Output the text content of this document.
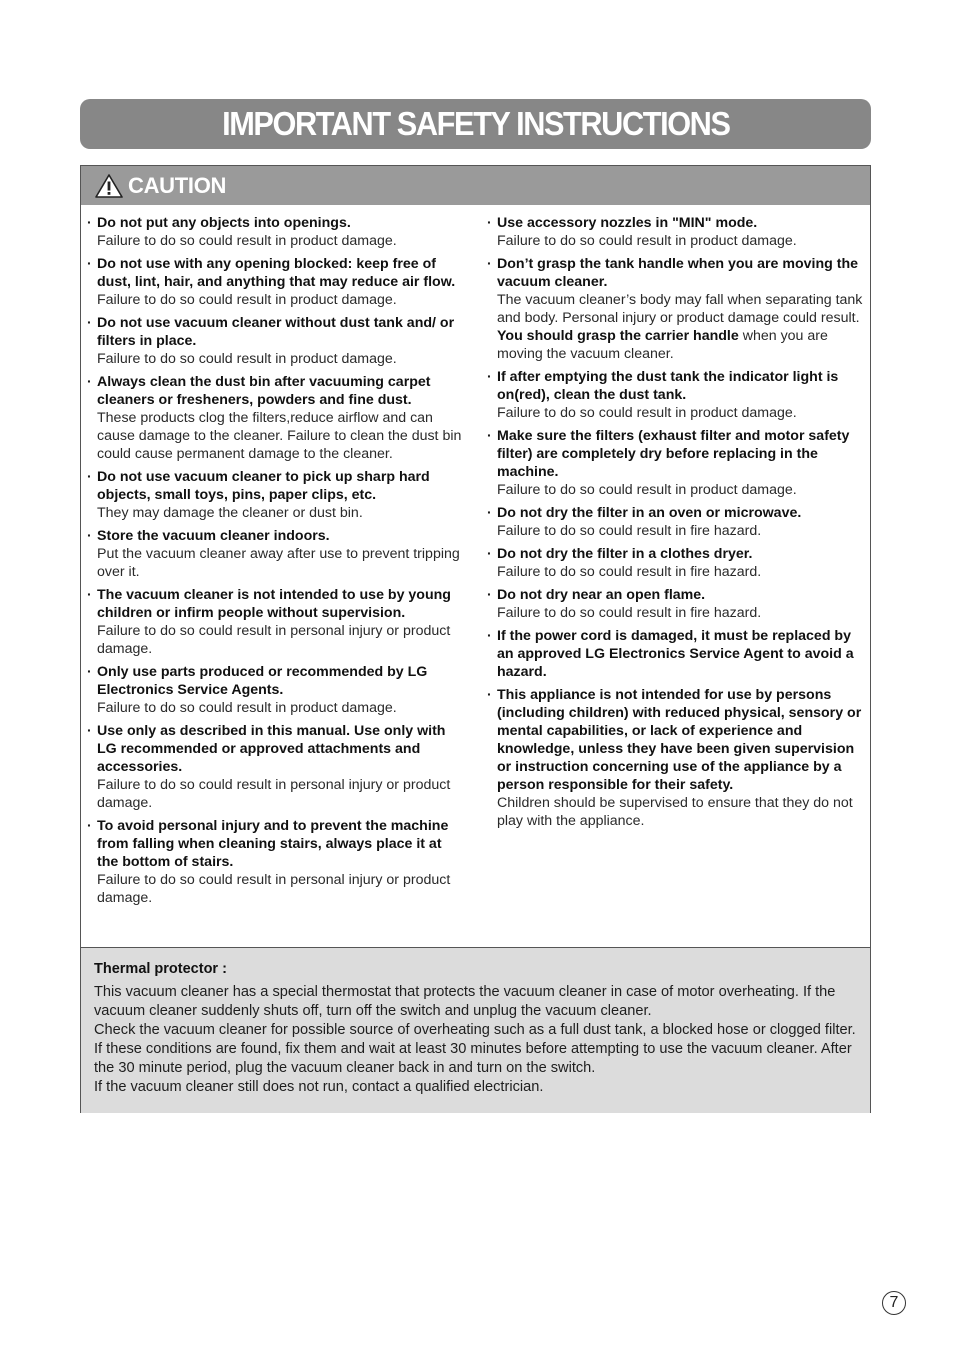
IMPORTANT SAFETY INSTRUCTIONS
CAUTION
· Do not put any objects into openings.
Failure to do so could result in product damage.
· Do not use with any opening blocked: keep free of dust, lint, hair, and anything that may reduce air flow.
Failure to do so could result in product damage.
· Do not use vacuum cleaner without dust tank and/ or filters in place.
Failure to do so could result in product damage.
· Always clean the dust bin after vacuuming carpet cleaners or fresheners, powders and fine dust.
These products clog the filters,reduce airflow and can cause damage to the cleaner. Failure to clean the dust bin could cause permanent damage to the cleaner.
· Do not use vacuum cleaner to pick up sharp hard objects, small toys, pins, paper clips, etc.
They may damage the cleaner or dust bin.
· Store the vacuum cleaner indoors.
Put the vacuum cleaner away after use to prevent tripping over it.
· The vacuum cleaner is not intended to use by young children or infirm people without supervision.
Failure to do so could result in personal injury or product damage.
· Only use parts produced or recommended by LG Electronics Service Agents.
Failure to do so could result in product damage.
· Use only as described in this manual. Use only with LG recommended or approved attachments and accessories.
Failure to do so could result in personal injury or product damage.
· To avoid personal injury and to prevent the machine from falling when cleaning stairs, always place it at the bottom of stairs.
Failure to do so could result in personal injury or product damage.
· Use accessory nozzles in "MIN" mode.
Failure to do so could result in product damage.
· Don’t grasp the tank handle when you are moving the vacuum cleaner.
The vacuum cleaner’s body may fall when separating tank and body. Personal injury or product damage could result. You should grasp the carrier handle when you are moving the vacuum cleaner.
· If after emptying the dust tank the indicator light is on(red), clean the dust tank.
Failure to do so could result in product damage.
· Make sure the filters (exhaust filter and motor safety filter) are completely dry before replacing in the machine.
Failure to do so could result in product damage.
· Do not dry the filter in an oven or microwave.
Failure to do so could result in fire hazard.
· Do not dry the filter in a clothes dryer.
Failure to do so could result in fire hazard.
· Do not dry near an open flame.
Failure to do so could result in fire hazard.
· If the power cord is damaged, it must be replaced by an approved LG Electronics Service Agent to avoid a hazard.
· This appliance is not intended for use by persons (including children) with reduced physical, sensory or mental capabilities, or lack of experience and knowledge, unless they have been given supervision or instruction concerning use of the appliance by a person responsible for their safety.
Children should be supervised to ensure that they do not play with the appliance.
Thermal protector :

This vacuum cleaner has a special thermostat that protects the vacuum cleaner in case of motor overheating. If the vacuum cleaner suddenly shuts off, turn off the switch and unplug the vacuum cleaner.

Check the vacuum cleaner for possible source of overheating such as a full dust tank, a blocked hose or clogged filter. If these conditions are found, fix them and wait at least 30 minutes before attempting to use the vacuum cleaner. After the 30 minute period, plug the vacuum cleaner back in and turn on the switch.

If the vacuum cleaner still does not run, contact a qualified electrician.

7
